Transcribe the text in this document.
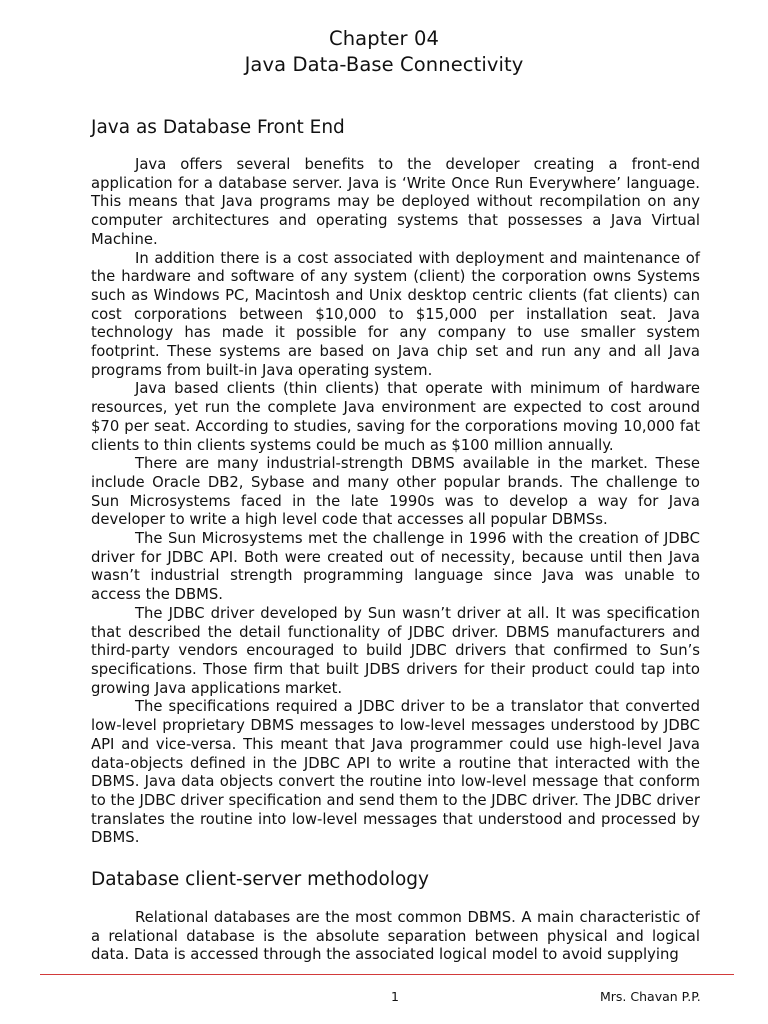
Chapter 04
Java Data-Base Connectivity
Java as Database Front End

Java offers several benefits to the developer creating a front-end application for a database server. Java is ‘Write Once Run Everywhere’ language. This means that Java programs may be deployed without recompilation on any computer architectures and operating systems that possesses a Java Virtual Machine.

In addition there is a cost associated with deployment and maintenance of the hardware and software of any system (client) the corporation owns Systems such as Windows PC, Macintosh and Unix desktop centric clients (fat clients) can cost corporations between $10,000 to $15,000 per installation seat. Java technology has made it possible for any company to use smaller system footprint. These systems are based on Java chip set and run any and all Java programs from built-in Java operating system.

Java based clients (thin clients) that operate with minimum of hardware resources, yet run the complete Java environment are expected to cost around $70 per seat. According to studies, saving for the corporations moving 10,000 fat clients to thin clients systems could be much as $100 million annually.

There are many industrial-strength DBMS available in the market. These include Oracle DB2, Sybase and many other popular brands. The challenge to Sun Microsystems faced in the late 1990s was to develop a way for Java developer to write a high level code that accesses all popular DBMSs.

The Sun Microsystems met the challenge in 1996 with the creation of JDBC driver for JDBC API. Both were created out of necessity, because until then Java wasn’t industrial strength programming language since Java was unable to access the DBMS.

The JDBC driver developed by Sun wasn’t driver at all. It was specification that described the detail functionality of JDBC driver. DBMS manufacturers and third-party vendors encouraged to build JDBC drivers that confirmed to Sun’s specifications. Those firm that built JDBS drivers for their product could tap into growing Java applications market.

The specifications required a JDBC driver to be a translator that converted low-level proprietary DBMS messages to low-level messages understood by JDBC API and vice-versa. This meant that Java programmer could use high-level Java data-objects defined in the JDBC API to write a routine that interacted with the DBMS. Java data objects convert the routine into low-level message that conform to the JDBC driver specification and send them to the JDBC driver. The JDBC driver translates the routine into low-level messages that understood and processed by DBMS.

Database client-server methodology

Relational databases are the most common DBMS. A main characteristic of a relational database is the absolute separation between physical and logical data. Data is accessed through the associated logical model to avoid supplying

1	Mrs. Chavan P.P.
